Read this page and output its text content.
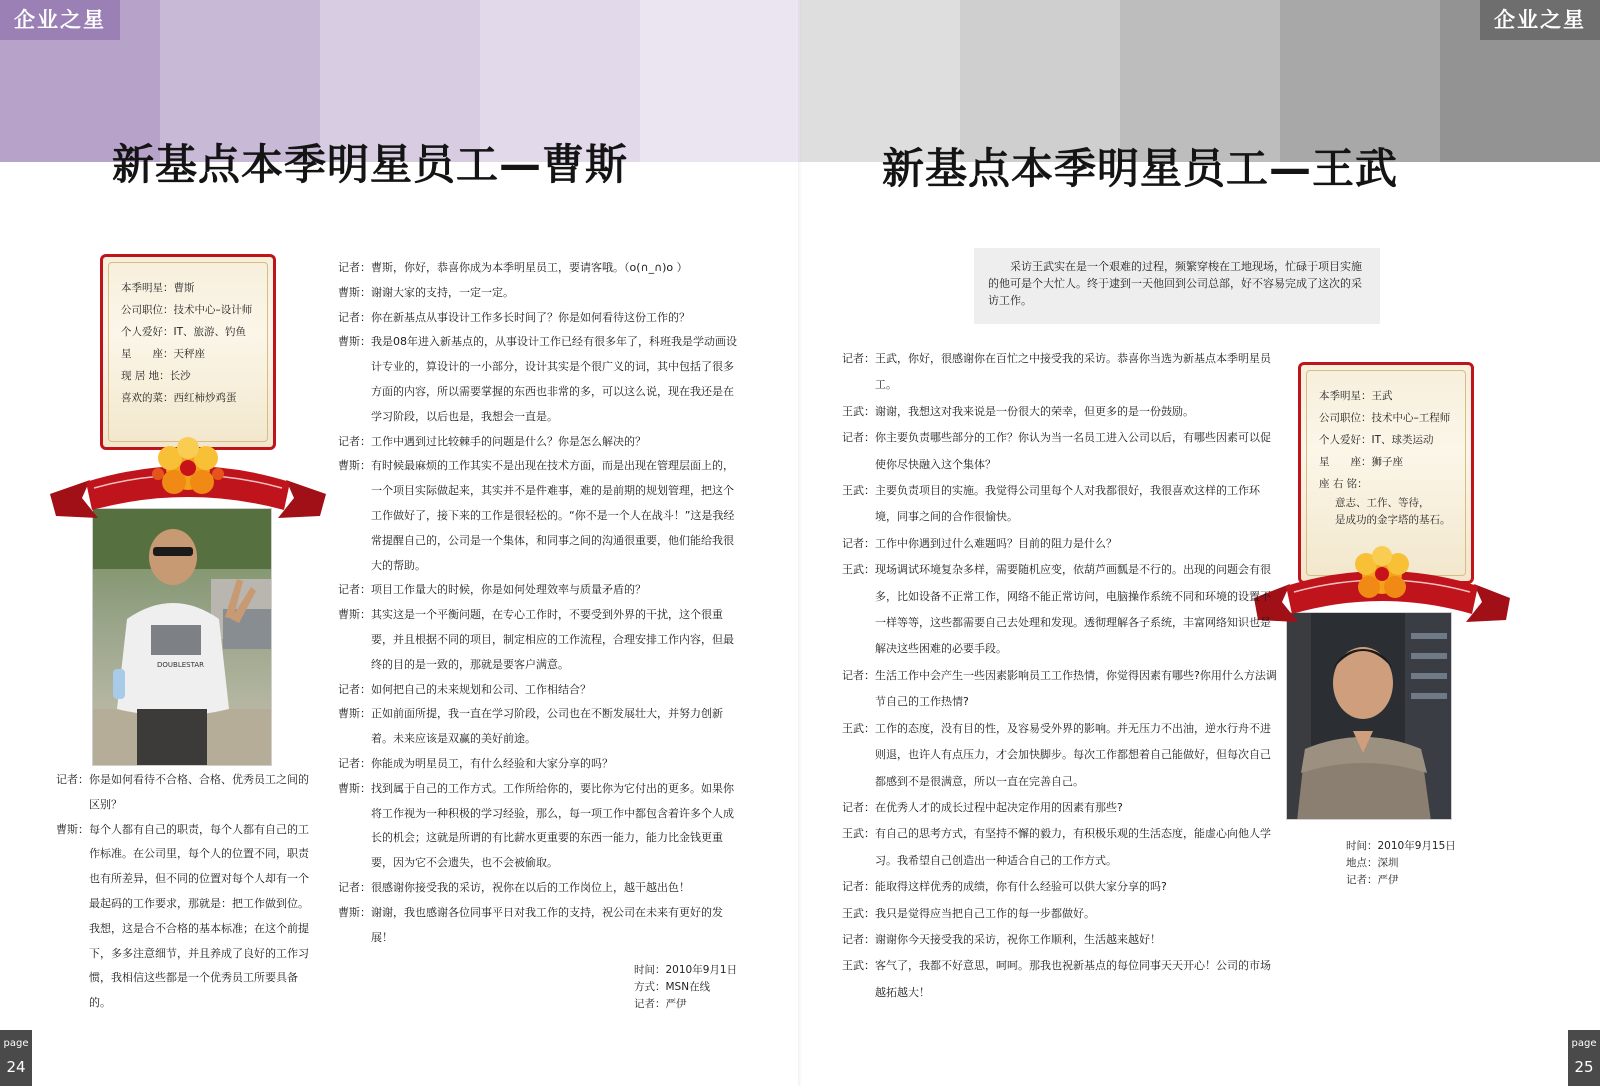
企业之星
新基点本季明星员工—曹斯
本季明星：曹斯
公司职位：技术中心–设计师
个人爱好：IT、旅游、钓鱼
星　　座：天秤座
现 居 地：长沙
喜欢的菜：西红柿炒鸡蛋
DOUBLESTAR
记者： 曹斯，你好，恭喜你成为本季明星员工，要请客哦。（o(∩_∩)o ）
曹斯： 谢谢大家的支持，一定一定。
记者： 你在新基点从事设计工作多长时间了？你是如何看待这份工作的？
曹斯： 我是08年进入新基点的，从事设计工作已经有很多年了，科班我是学动画设计专业的，算设计的一小部分，设计其实是个很广义的词，其中包括了很多方面的内容，所以需要掌握的东西也非常的多，可以这么说，现在我还是在学习阶段，以后也是，我想会一直是。
记者： 工作中遇到过比较棘手的问题是什么？你是怎么解决的？
曹斯： 有时候最麻烦的工作其实不是出现在技术方面，而是出现在管理层面上的，一个项目实际做起来，其实并不是件难事，难的是前期的规划管理，把这个工作做好了，接下来的工作是很轻松的。“你不是一个人在战斗！”这是我经常提醒自己的，公司是一个集体，和同事之间的沟通很重要，他们能给我很大的帮助。
记者： 项目工作量大的时候，你是如何处理效率与质量矛盾的？
曹斯： 其实这是一个平衡问题，在专心工作时，不要受到外界的干扰，这个很重要，并且根据不同的项目，制定相应的工作流程，合理安排工作内容，但最终的目的是一致的，那就是要客户满意。
记者： 如何把自己的未来规划和公司、工作相结合？
曹斯： 正如前面所提，我一直在学习阶段，公司也在不断发展壮大，并努力创新着。未来应该是双赢的美好前途。
记者： 你能成为明星员工，有什么经验和大家分享的吗？
曹斯： 找到属于自己的工作方式。工作所给你的，要比你为它付出的更多。如果你将工作视为一种积极的学习经验，那么，每一项工作中都包含着许多个人成长的机会；这就是所谓的有比薪水更重要的东西一能力，能力比金钱更重要，因为它不会遗失，也不会被偷取。
记者： 很感谢你接受我的采访，祝你在以后的工作岗位上，越干越出色！
曹斯： 谢谢，我也感谢各位同事平日对我工作的支持，祝公司在未来有更好的发展！
记者： 你是如何看待不合格、合格、优秀员工之间的区别？
曹斯： 每个人都有自己的职责，每个人都有自己的工作标准。在公司里，每个人的位置不同，职责也有所差异，但不同的位置对每个人却有一个最起码的工作要求，那就是：把工作做到位。我想，这是合不合格的基本标准；在这个前提下，多多注意细节，并且养成了良好的工作习惯，我相信这些都是一个优秀员工所要具备的。
时间：2010年9月1日
方式：MSN在线
记者：严伊
page
24
企业之星
新基点本季明星员工—王武
采访王武实在是一个艰难的过程，频繁穿梭在工地现场，忙碌于项目实施的他可是个大忙人。终于逮到一天他回到公司总部，好不容易完成了这次的采访工作。
本季明星：王武
公司职位：技术中心–工程师
个人爱好：IT、球类运动
星　　座：狮子座
座 右 铭：
意志、工作、等待，
是成功的金字塔的基石。
记者： 王武，你好，很感谢你在百忙之中接受我的采访。恭喜你当选为新基点本季明星员工。
王武： 谢谢，我想这对我来说是一份很大的荣幸，但更多的是一份鼓励。
记者： 你主要负责哪些部分的工作？你认为当一名员工进入公司以后，有哪些因素可以促使你尽快融入这个集体？
王武： 主要负责项目的实施。我觉得公司里每个人对我都很好，我很喜欢这样的工作环境，同事之间的合作很愉快。
记者： 工作中你遇到过什么难题吗？目前的阻力是什么？
王武： 现场调试环境复杂多样，需要随机应变，依葫芦画瓢是不行的。出现的问题会有很多，比如设备不正常工作，网络不能正常访问，电脑操作系统不同和环境的设置不一样等等，这些都需要自己去处理和发现。透彻理解各子系统，丰富网络知识也是解决这些困难的必要手段。
记者： 生活工作中会产生一些因素影响员工工作热情，你觉得因素有哪些?你用什么方法调节自己的工作热情?
王武： 工作的态度，没有目的性，及容易受外界的影响。并无压力不出油，逆水行舟不进则退，也许人有点压力，才会加快脚步。每次工作都想着自己能做好，但每次自己都感到不是很满意，所以一直在完善自己。
记者： 在优秀人才的成长过程中起决定作用的因素有那些?
王武： 有自己的思考方式，有坚持不懈的毅力，有积极乐观的生活态度，能虚心向他人学习。我希望自己创造出一种适合自己的工作方式。
记者： 能取得这样优秀的成绩，你有什么经验可以供大家分享的吗?
王武： 我只是觉得应当把自己工作的每一步都做好。
记者： 谢谢你今天接受我的采访，祝你工作顺利，生活越来越好！
王武： 客气了，我都不好意思，呵呵。那我也祝新基点的每位同事天天开心！公司的市场越拓越大！
时间：2010年9月15日
地点：深圳
记者：严伊
page
25
